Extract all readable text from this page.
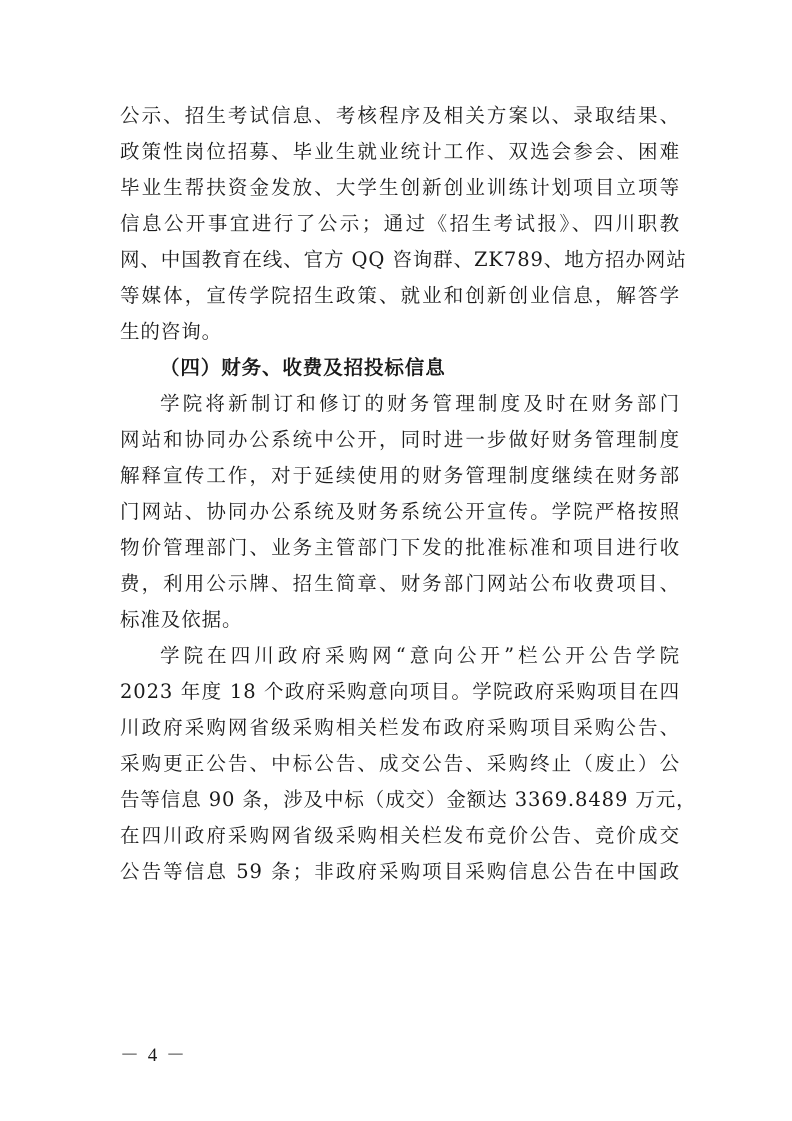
公示、招生考试信息、考核程序及相关方案以、录取结果、
政策性岗位招募、毕业生就业统计工作、双选会参会、困难
毕业生帮扶资金发放、大学生创新创业训练计划项目立项等
信息公开事宜进行了公示；通过《招生考试报》、四川职教
网、中国教育在线、官方 QQ 咨询群、ZK789、地方招办网站
等媒体，宣传学院招生政策、就业和创新创业信息，解答学
生的咨询。
（四）财务、收费及招投标信息
学院将新制订和修订的财务管理制度及时在财务部门
网站和协同办公系统中公开，同时进一步做好财务管理制度
解释宣传工作，对于延续使用的财务管理制度继续在财务部
门网站、协同办公系统及财务系统公开宣传。学院严格按照
物价管理部门、业务主管部门下发的批准标准和项目进行收
费，利用公示牌、招生简章、财务部门网站公布收费项目、
标准及依据。
学院在四川政府采购网“意向公开”栏公开公告学院
2023 年度 18 个政府采购意向项目。学院政府采购项目在四
川政府采购网省级采购相关栏发布政府采购项目采购公告、
采购更正公告、中标公告、成交公告、采购终止（废止）公
告等信息 90 条，涉及中标（成交）金额达 3369.8489 万元，
在四川政府采购网省级采购相关栏发布竞价公告、竞价成交
公告等信息 59 条；非政府采购项目采购信息公告在中国政
－ 4 －
